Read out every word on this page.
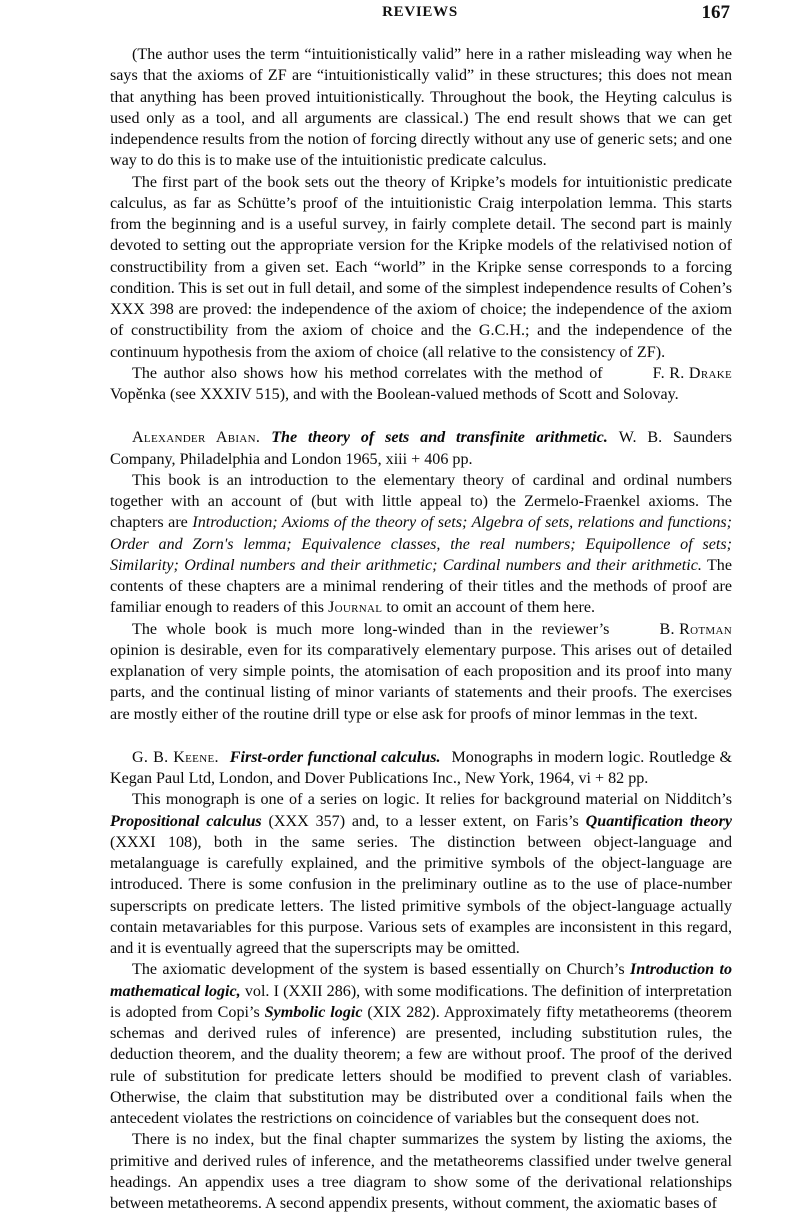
REVIEWS	167

(The author uses the term “intuitionistically valid” here in a rather misleading way when he says that the axioms of ZF are “intuitionistically valid” in these structures; this does not mean that anything has been proved intuitionistically. Throughout the book, the Heyting calculus is used only as a tool, and all arguments are classical.) The end result shows that we can get independence results from the notion of forcing directly without any use of generic sets; and one way to do this is to make use of the intuitionistic predicate calculus.

The first part of the book sets out the theory of Kripke’s models for intuitionistic predicate calculus, as far as Schütte’s proof of the intuitionistic Craig interpolation lemma. This starts from the beginning and is a useful survey, in fairly complete detail. The second part is mainly devoted to setting out the appropriate version for the Kripke models of the relativised notion of constructibility from a given set. Each “world” in the Kripke sense corresponds to a forcing condition. This is set out in full detail, and some of the simplest independence results of Cohen’s XXX 398 are proved: the independence of the axiom of choice; the independence of the axiom of constructibility from the axiom of choice and the G.C.H.; and the independence of the continuum hypothesis from the axiom of choice (all relative to the consistency of ZF).

F. R. Drake
The author also shows how his method correlates with the method of Vopěnka (see XXXIV 515), and with the Boolean-valued methods of Scott and Solovay.

Alexander Abian. The theory of sets and transfinite arithmetic. W. B. Saunders Company, Philadelphia and London 1965, xiii + 406 pp.

This book is an introduction to the elementary theory of cardinal and ordinal numbers together with an account of (but with little appeal to) the Zermelo-Fraenkel axioms. The chapters are Introduction; Axioms of the theory of sets; Algebra of sets, relations and functions; Order and Zorn's lemma; Equivalence classes, the real numbers; Equipollence of sets; Similarity; Ordinal numbers and their arithmetic; Cardinal numbers and their arithmetic. The contents of these chapters are a minimal rendering of their titles and the methods of proof are familiar enough to readers of this Journal to omit an account of them here.

B. Rotman
The whole book is much more long-winded than in the reviewer’s opinion is desirable, even for its comparatively elementary purpose. This arises out of detailed explanation of very simple points, the atomisation of each proposition and its proof into many parts, and the continual listing of minor variants of statements and their proofs. The exercises are mostly either of the routine drill type or else ask for proofs of minor lemmas in the text.

G. B. Keene. First-order functional calculus. Monographs in modern logic. Routledge & Kegan Paul Ltd, London, and Dover Publications Inc., New York, 1964, vi + 82 pp.

This monograph is one of a series on logic. It relies for background material on Nidditch’s Propositional calculus (XXX 357) and, to a lesser extent, on Faris’s Quantification theory (XXXI 108), both in the same series. The distinction between object-language and metalanguage is carefully explained, and the primitive symbols of the object-language are introduced. There is some confusion in the preliminary outline as to the use of place-number superscripts on predicate letters. The listed primitive symbols of the object-language actually contain metavariables for this purpose. Various sets of examples are inconsistent in this regard, and it is eventually agreed that the superscripts may be omitted.

The axiomatic development of the system is based essentially on Church’s Introduction to mathematical logic, vol. I (XXII 286), with some modifications. The definition of interpretation is adopted from Copi’s Symbolic logic (XIX 282). Approximately fifty metatheorems (theorem schemas and derived rules of inference) are presented, including substitution rules, the deduction theorem, and the duality theorem; a few are without proof. The proof of the derived rule of substitution for predicate letters should be modified to prevent clash of variables. Otherwise, the claim that substitution may be distributed over a conditional fails when the antecedent violates the restrictions on coincidence of variables but the consequent does not.

There is no index, but the final chapter summarizes the system by listing the axioms, the primitive and derived rules of inference, and the metatheorems classified under twelve general headings. An appendix uses a tree diagram to show some of the derivational relationships between metatheorems. A second appendix presents, without comment, the axiomatic bases of
